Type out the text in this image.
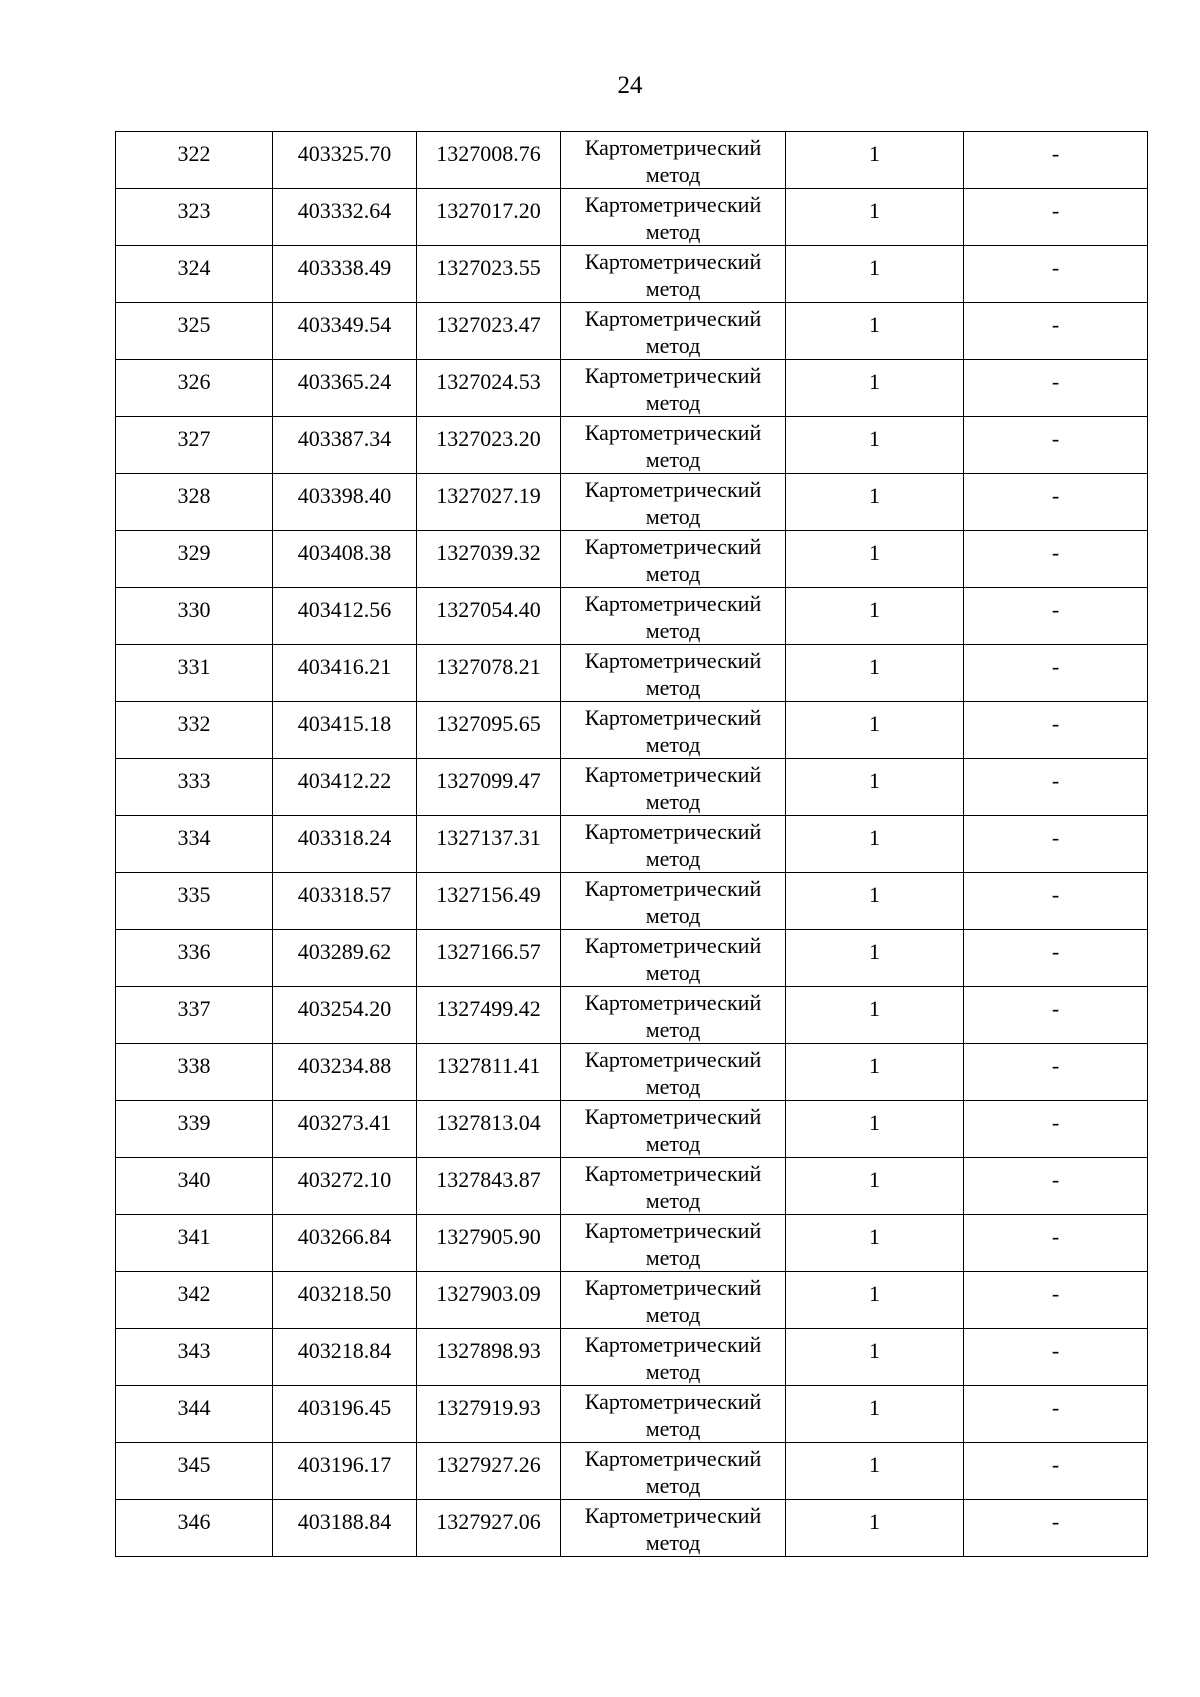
24
322	403325.70	1327008.76	Картометрический метод	1	-
323	403332.64	1327017.20	Картометрический метод	1	-
324	403338.49	1327023.55	Картометрический метод	1	-
325	403349.54	1327023.47	Картометрический метод	1	-
326	403365.24	1327024.53	Картометрический метод	1	-
327	403387.34	1327023.20	Картометрический метод	1	-
328	403398.40	1327027.19	Картометрический метод	1	-
329	403408.38	1327039.32	Картометрический метод	1	-
330	403412.56	1327054.40	Картометрический метод	1	-
331	403416.21	1327078.21	Картометрический метод	1	-
332	403415.18	1327095.65	Картометрический метод	1	-
333	403412.22	1327099.47	Картометрический метод	1	-
334	403318.24	1327137.31	Картометрический метод	1	-
335	403318.57	1327156.49	Картометрический метод	1	-
336	403289.62	1327166.57	Картометрический метод	1	-
337	403254.20	1327499.42	Картометрический метод	1	-
338	403234.88	1327811.41	Картометрический метод	1	-
339	403273.41	1327813.04	Картометрический метод	1	-
340	403272.10	1327843.87	Картометрический метод	1	-
341	403266.84	1327905.90	Картометрический метод	1	-
342	403218.50	1327903.09	Картометрический метод	1	-
343	403218.84	1327898.93	Картометрический метод	1	-
344	403196.45	1327919.93	Картометрический метод	1	-
345	403196.17	1327927.26	Картометрический метод	1	-
346	403188.84	1327927.06	Картометрический метод	1	-
